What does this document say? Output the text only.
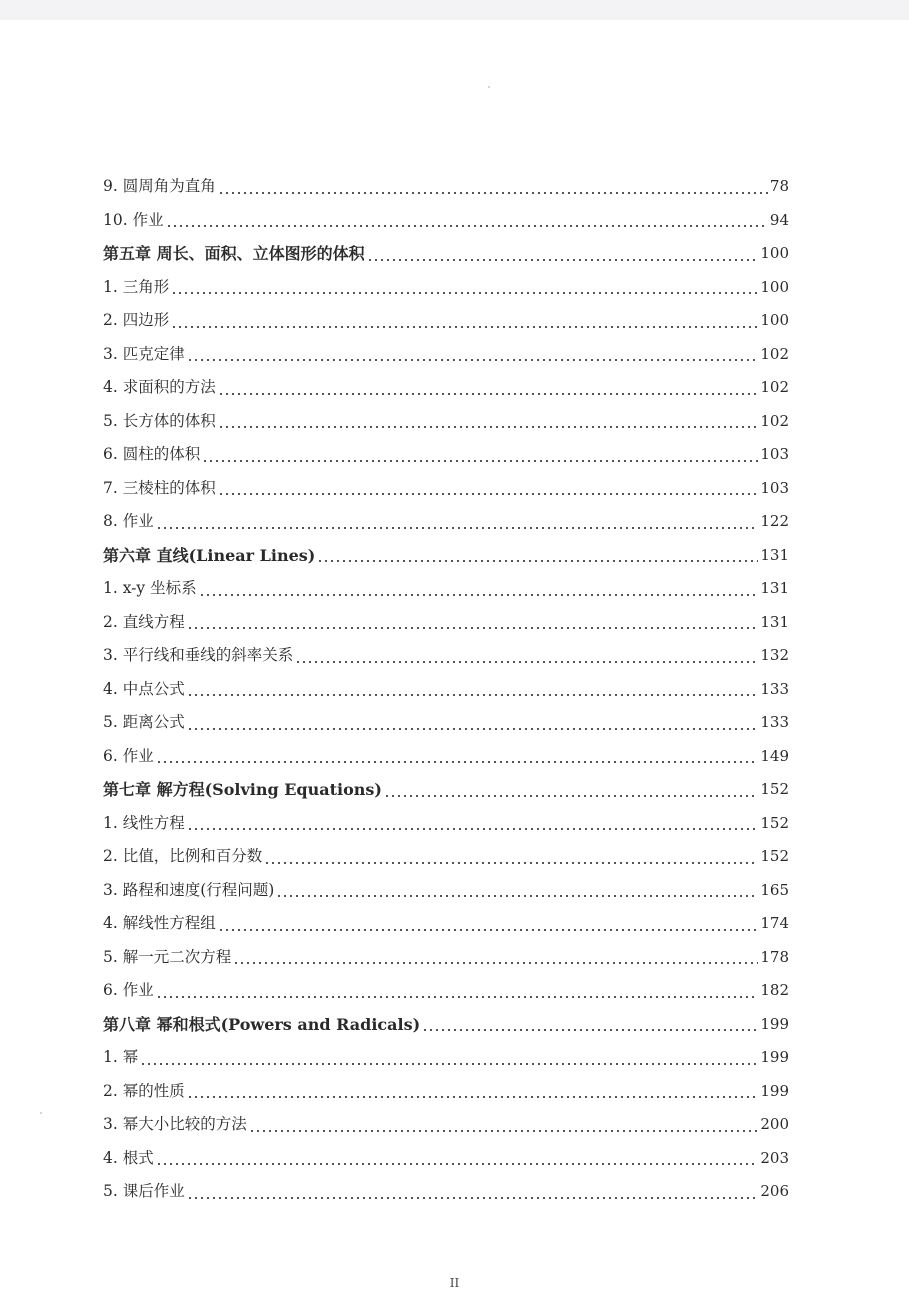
9. 圆周角为直角	78
10. 作业	94
第五章 周长、面积、立体图形的体积	100
1. 三角形	100
2. 四边形	100
3. 匹克定律	102
4. 求面积的方法	102
5. 长方体的体积	102
6. 圆柱的体积	103
7. 三棱柱的体积	103
8. 作业	122
第六章 直线(Linear Lines)	131
1. x-y 坐标系	131
2. 直线方程	131
3. 平行线和垂线的斜率关系	132
4. 中点公式	133
5. 距离公式	133
6. 作业	149
第七章 解方程(Solving Equations)	152
1. 线性方程	152
2. 比值，比例和百分数	152
3. 路程和速度(行程问题)	165
4. 解线性方程组	174
5. 解一元二次方程	178
6. 作业	182
第八章 幂和根式(Powers and Radicals)	199
1. 幂	199
2. 幂的性质	199
3. 幂大小比较的方法	200
4. 根式	203
5. 课后作业	206
II
